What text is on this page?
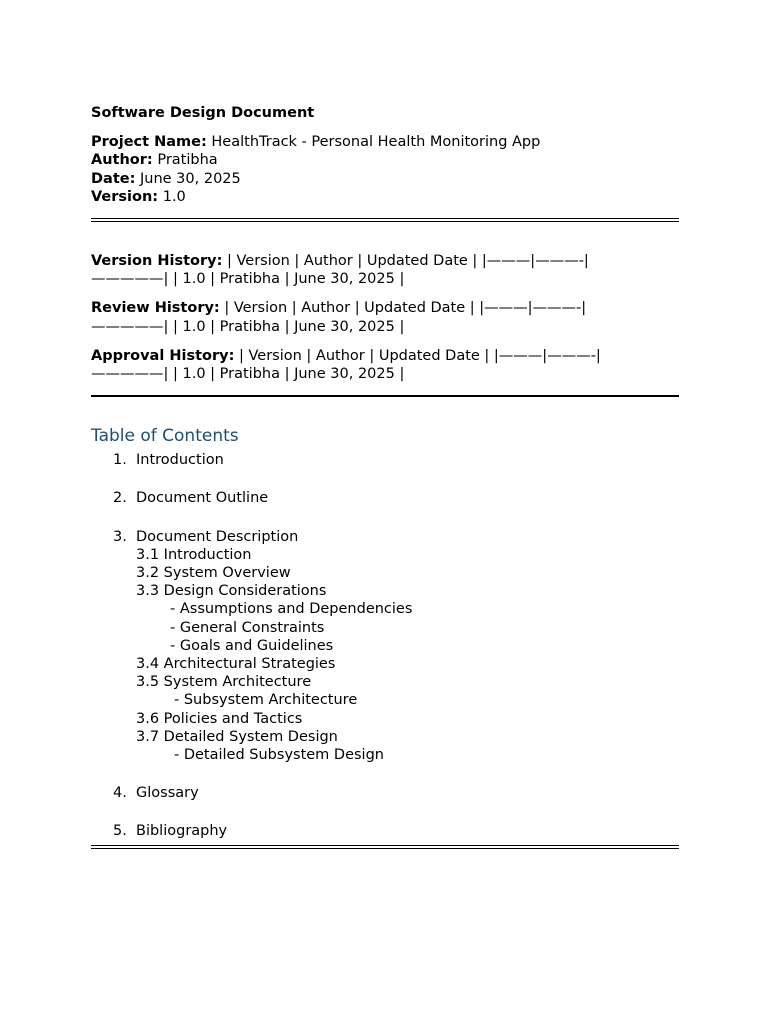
Software Design Document

Project Name: HealthTrack - Personal Health Monitoring App

Author: Pratibha

Date: June 30, 2025

Version: 1.0

Version History: | Version | Author | Updated Date | |———|———-|
—————| | 1.0 | Pratibha | June 30, 2025 |

Review History: | Version | Author | Updated Date | |———|———-|
—————| | 1.0 | Pratibha | June 30, 2025 |

Approval History: | Version | Author | Updated Date | |———|———-|
—————| | 1.0 | Pratibha | June 30, 2025 |

Table of Contents
1. Introduction
2. Document Outline
3. Document Description
3.1 Introduction
3.2 System Overview
3.3 Design Considerations
- Assumptions and Dependencies
- General Constraints
- Goals and Guidelines
3.4 Architectural Strategies
3.5 System Architecture
- Subsystem Architecture
3.6 Policies and Tactics
3.7 Detailed System Design
- Detailed Subsystem Design
4. Glossary
5. Bibliography
